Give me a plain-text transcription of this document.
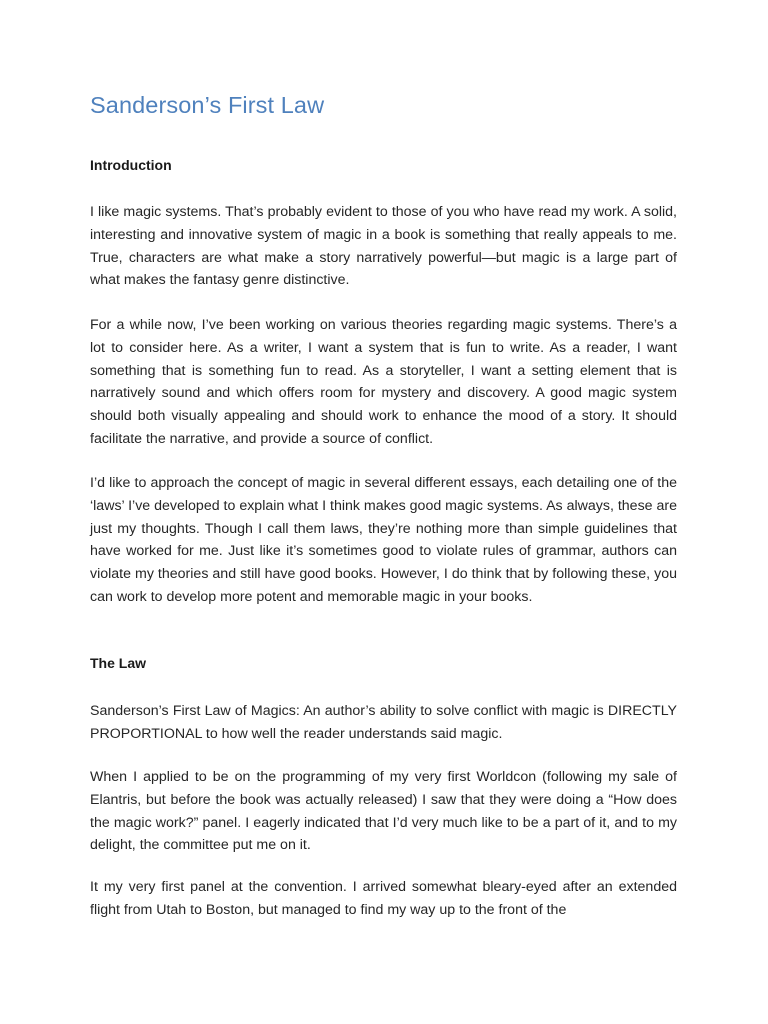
Sanderson’s First Law
Introduction

I like magic systems. That’s probably evident to those of you who have read my work. A solid, interesting and innovative system of magic in a book is something that really appeals to me. True, characters are what make a story narratively powerful—but magic is a large part of what makes the fantasy genre distinctive.

For a while now, I’ve been working on various theories regarding magic systems. There’s a lot to consider here. As a writer, I want a system that is fun to write. As a reader, I want something that is something fun to read. As a storyteller, I want a setting element that is narratively sound and which offers room for mystery and discovery. A good magic system should both visually appealing and should work to enhance the mood of a story. It should facilitate the narrative, and provide a source of conflict.

I’d like to approach the concept of magic in several different essays, each detailing one of the ‘laws’ I’ve developed to explain what I think makes good magic systems. As always, these are just my thoughts. Though I call them laws, they’re nothing more than simple guidelines that have worked for me. Just like it’s sometimes good to violate rules of grammar, authors can violate my theories and still have good books. However, I do think that by following these, you can work to develop more potent and memorable magic in your books.

The Law

Sanderson’s First Law of Magics: An author’s ability to solve conflict with magic is DIRECTLY PROPORTIONAL to how well the reader understands said magic.

When I applied to be on the programming of my very first Worldcon (following my sale of Elantris, but before the book was actually released) I saw that they were doing a “How does the magic work?” panel. I eagerly indicated that I’d very much like to be a part of it, and to my delight, the committee put me on it.

It my very first panel at the convention. I arrived somewhat bleary-eyed after an extended flight from Utah to Boston, but managed to find my way up to the front of the
